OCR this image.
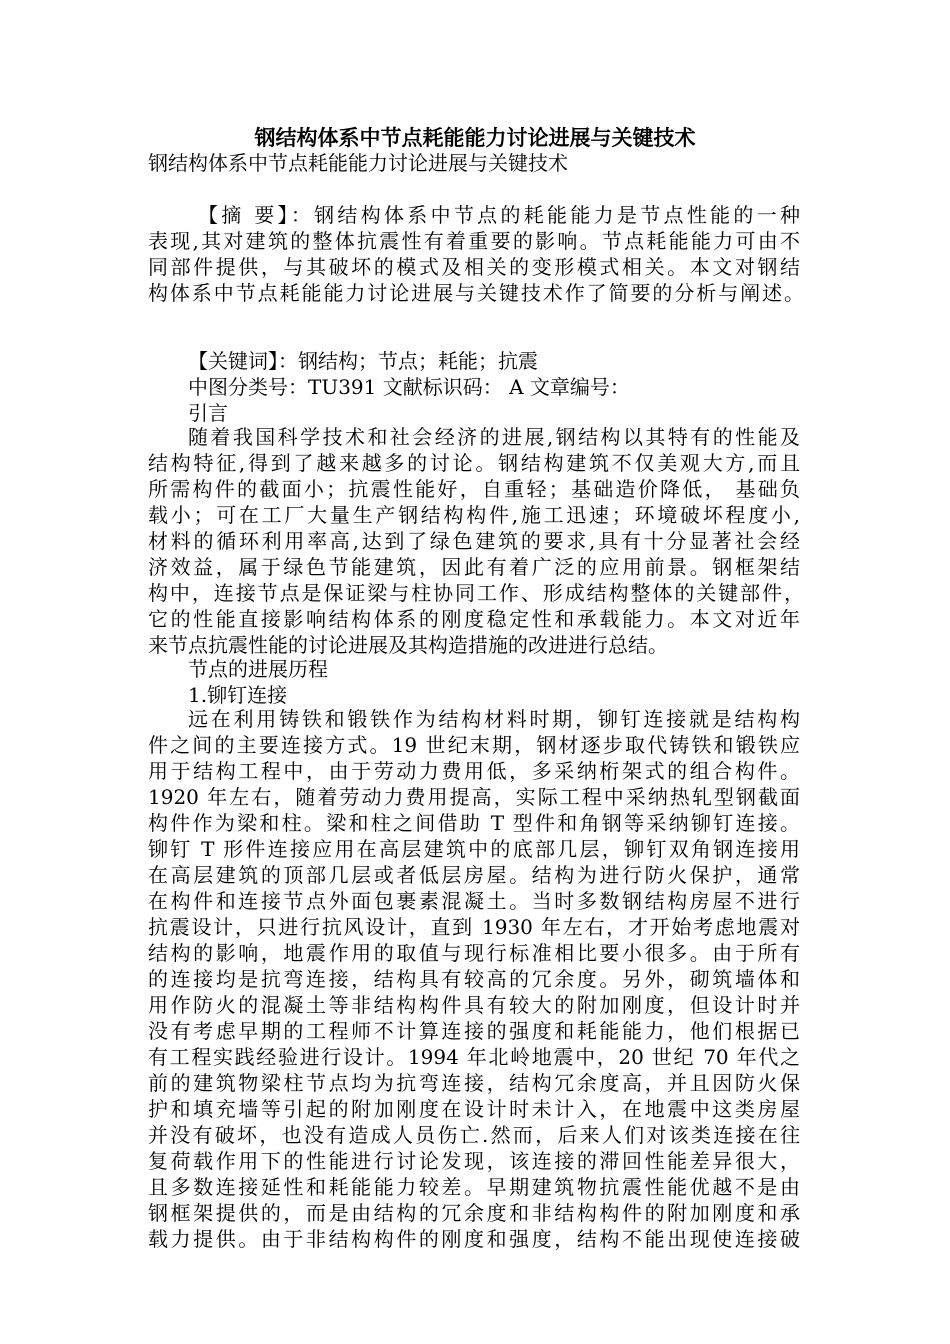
钢结构体系中节点耗能能力讨论进展与关键技术
钢结构体系中节点耗能能力讨论进展与关键技术
【摘 要】：钢结构体系中节点的耗能能力是节点性能的一种
表现,其对建筑的整体抗震性有着重要的影响。节点耗能能力可由不
同部件提供，与其破坏的模式及相关的变形模式相关。本文对钢结
构体系中节点耗能能力讨论进展与关键技术作了简要的分析与阐述。
【关键词】：钢结构；节点；耗能；抗震
中图分类号：TU391 文献标识码： A 文章编号：
引言
随着我国科学技术和社会经济的进展,钢结构以其特有的性能及
结构特征,得到了越来越多的讨论。钢结构建筑不仅美观大方,而且
所需构件的截面小；抗震性能好，自重轻；基础造价降低， 基础负
载小；可在工厂大量生产钢结构构件,施工迅速；环境破坏程度小,
材料的循环利用率高,达到了绿色建筑的要求,具有十分显著社会经
济效益，属于绿色节能建筑，因此有着广泛的应用前景。钢框架结
构中，连接节点是保证梁与柱协同工作、形成结构整体的关键部件，
它的性能直接影响结构体系的刚度稳定性和承载能力。本文对近年
来节点抗震性能的讨论进展及其构造措施的改进进行总结。
节点的进展历程
1.铆钉连接
远在利用铸铁和锻铁作为结构材料时期，铆钉连接就是结构构
件之间的主要连接方式。19 世纪末期，钢材逐步取代铸铁和锻铁应
用于结构工程中，由于劳动力费用低，多采纳桁架式的组合构件。
1920 年左右，随着劳动力费用提高，实际工程中采纳热轧型钢截面
构件作为梁和柱。梁和柱之间借助 T 型件和角钢等采纳铆钉连接。
铆钉 T 形件连接应用在高层建筑中的底部几层，铆钉双角钢连接用
在高层建筑的顶部几层或者低层房屋。结构为进行防火保护，通常
在构件和连接节点外面包裹素混凝土。当时多数钢结构房屋不进行
抗震设计，只进行抗风设计，直到 1930 年左右，才开始考虑地震对
结构的影响，地震作用的取值与现行标准相比要小很多。由于所有
的连接均是抗弯连接，结构具有较高的冗余度。另外，砌筑墙体和
用作防火的混凝土等非结构构件具有较大的附加刚度，但设计时并
没有考虑早期的工程师不计算连接的强度和耗能能力，他们根据已
有工程实践经验进行设计。1994 年北岭地震中，20 世纪 70 年代之
前的建筑物梁柱节点均为抗弯连接，结构冗余度高，并且因防火保
护和填充墙等引起的附加刚度在设计时未计入，在地震中这类房屋
并没有破坏，也没有造成人员伤亡.然而，后来人们对该类连接在往
复荷载作用下的性能进行讨论发现，该连接的滞回性能差异很大，
且多数连接延性和耗能能力较差。早期建筑物抗震性能优越不是由
钢框架提供的，而是由结构的冗余度和非结构构件的附加刚度和承
载力提供。由于非结构构件的刚度和强度，结构不能出现使连接破
